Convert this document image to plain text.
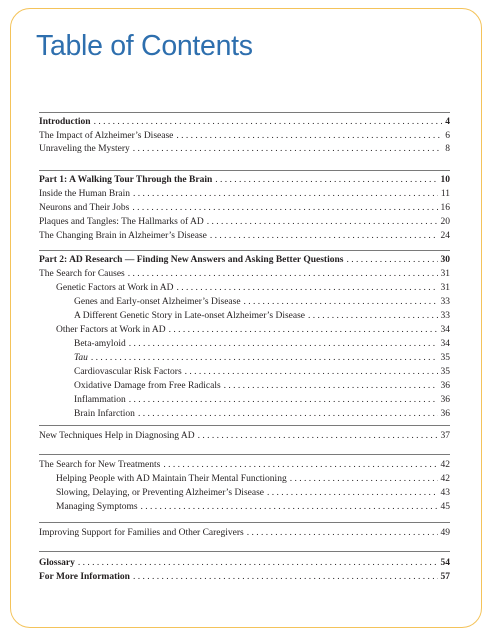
Table of Contents
Introduction . . .	4
The Impact of Alzheimer’s Disease . . .	6
Unraveling the Mystery . . .	8
Part 1: A Walking Tour Through the Brain . . .	10
Inside the Human Brain . . .	11
Neurons and Their Jobs . . .	16
Plaques and Tangles: The Hallmarks of AD . . .	20
The Changing Brain in Alzheimer’s Disease . . .	24
Part 2: AD Research — Finding New Answers and Asking Better Questions . . .	30
The Search for Causes . . .	31
Genetic Factors at Work in AD . . .	31
Genes and Early-onset Alzheimer’s Disease . . .	33
A Different Genetic Story in Late-onset Alzheimer’s Disease . . .	33
Other Factors at Work in AD . . .	34
Beta-amyloid . . .	34
Tau . . .	35
Cardiovascular Risk Factors . . .	35
Oxidative Damage from Free Radicals . . .	36
Inflammation . . .	36
Brain Infarction . . .	36
New Techniques Help in Diagnosing AD . . .	37
The Search for New Treatments . . .	42
Helping People with AD Maintain Their Mental Functioning . . .	42
Slowing, Delaying, or Preventing Alzheimer’s Disease . . .	43
Managing Symptoms . . .	45
Improving Support for Families and Other Caregivers . . .	49
Glossary . . .	54
For More Information . . .	57
